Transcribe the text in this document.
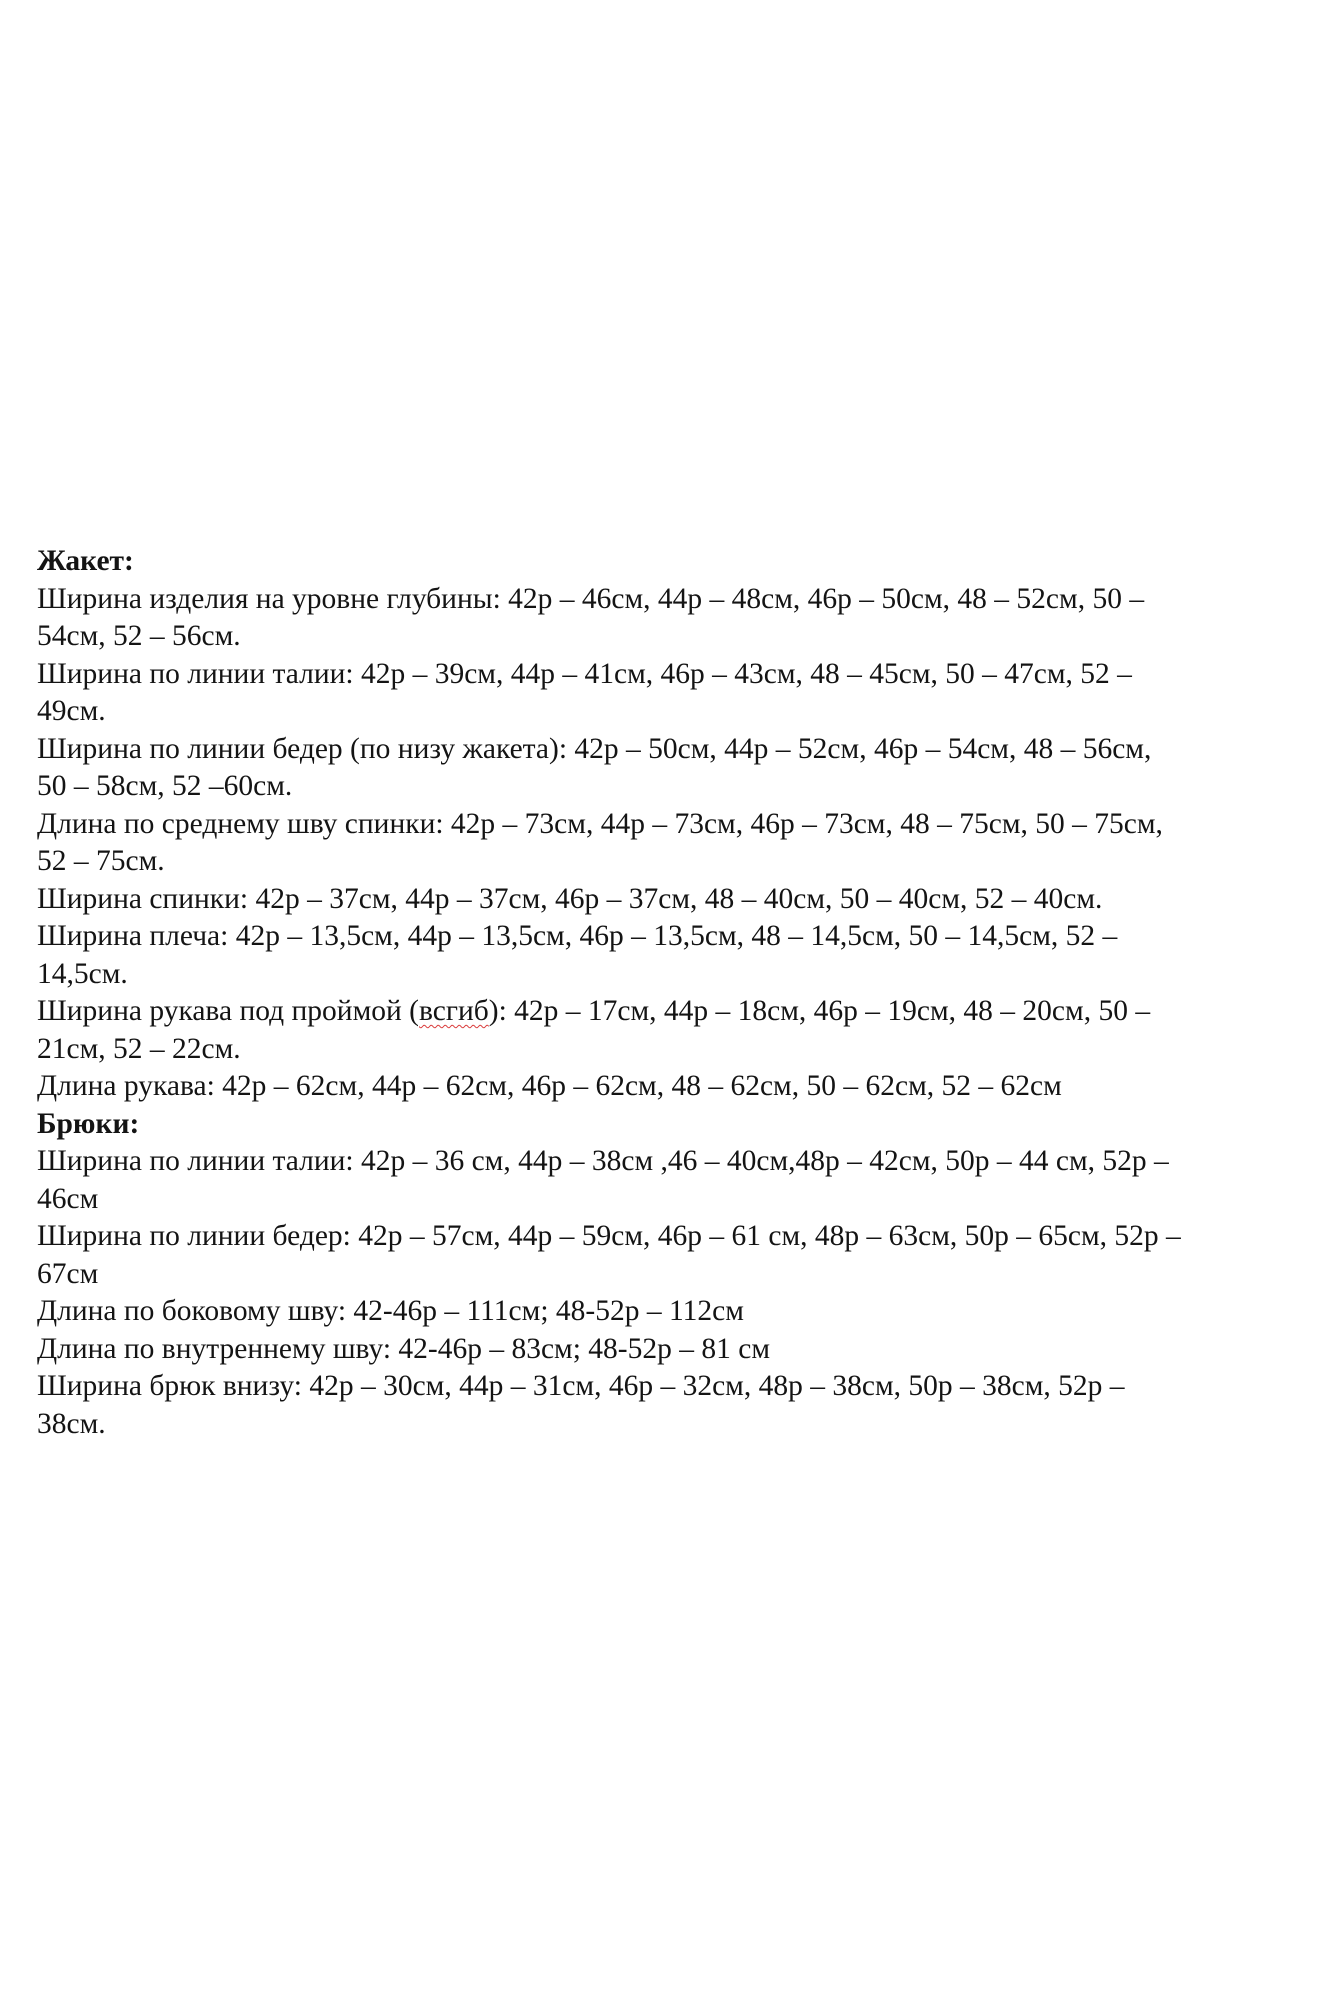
Жакет:
Ширина изделия на уровне глубины: 42р – 46см, 44р – 48см, 46р – 50см, 48 – 52см, 50 –
54см, 52 – 56см.
Ширина по линии талии: 42р – 39см, 44р – 41см, 46р – 43см, 48 – 45см, 50 – 47см, 52 –
49см.
Ширина по линии бедер (по низу жакета): 42р – 50см, 44р – 52см, 46р – 54см, 48 – 56см,
50 – 58см, 52 –60см.
Длина по среднему шву спинки: 42р – 73см, 44р – 73см, 46р – 73см, 48 – 75см, 50 – 75см,
52 – 75см.
Ширина спинки: 42р – 37см, 44р – 37см, 46р – 37см, 48 – 40см, 50 – 40см, 52 – 40см.
Ширина плеча: 42р – 13,5см, 44р – 13,5см, 46р – 13,5см, 48 – 14,5см, 50 – 14,5см, 52 –
14,5см.
Ширина рукава под проймой (всгиб): 42р – 17см, 44р – 18см, 46р – 19см, 48 – 20см, 50 –
21см, 52 – 22см.
Длина рукава: 42р – 62см, 44р – 62см, 46р – 62см, 48 – 62см, 50 – 62см, 52 – 62см
Брюки:
Ширина по линии талии: 42р – 36 см, 44р – 38см ,46 – 40см,48р – 42см, 50р – 44 см, 52р –
46см
Ширина по линии бедер: 42р – 57см, 44р – 59см, 46р – 61 см, 48р – 63см, 50р – 65см, 52р –
67см
Длина по боковому шву: 42-46р – 111см; 48-52р – 112см
Длина по внутреннему шву: 42-46р – 83см; 48-52р – 81 см
Ширина брюк внизу: 42р – 30см, 44р – 31см, 46р – 32см, 48р – 38см, 50р – 38см, 52р –
38см.
